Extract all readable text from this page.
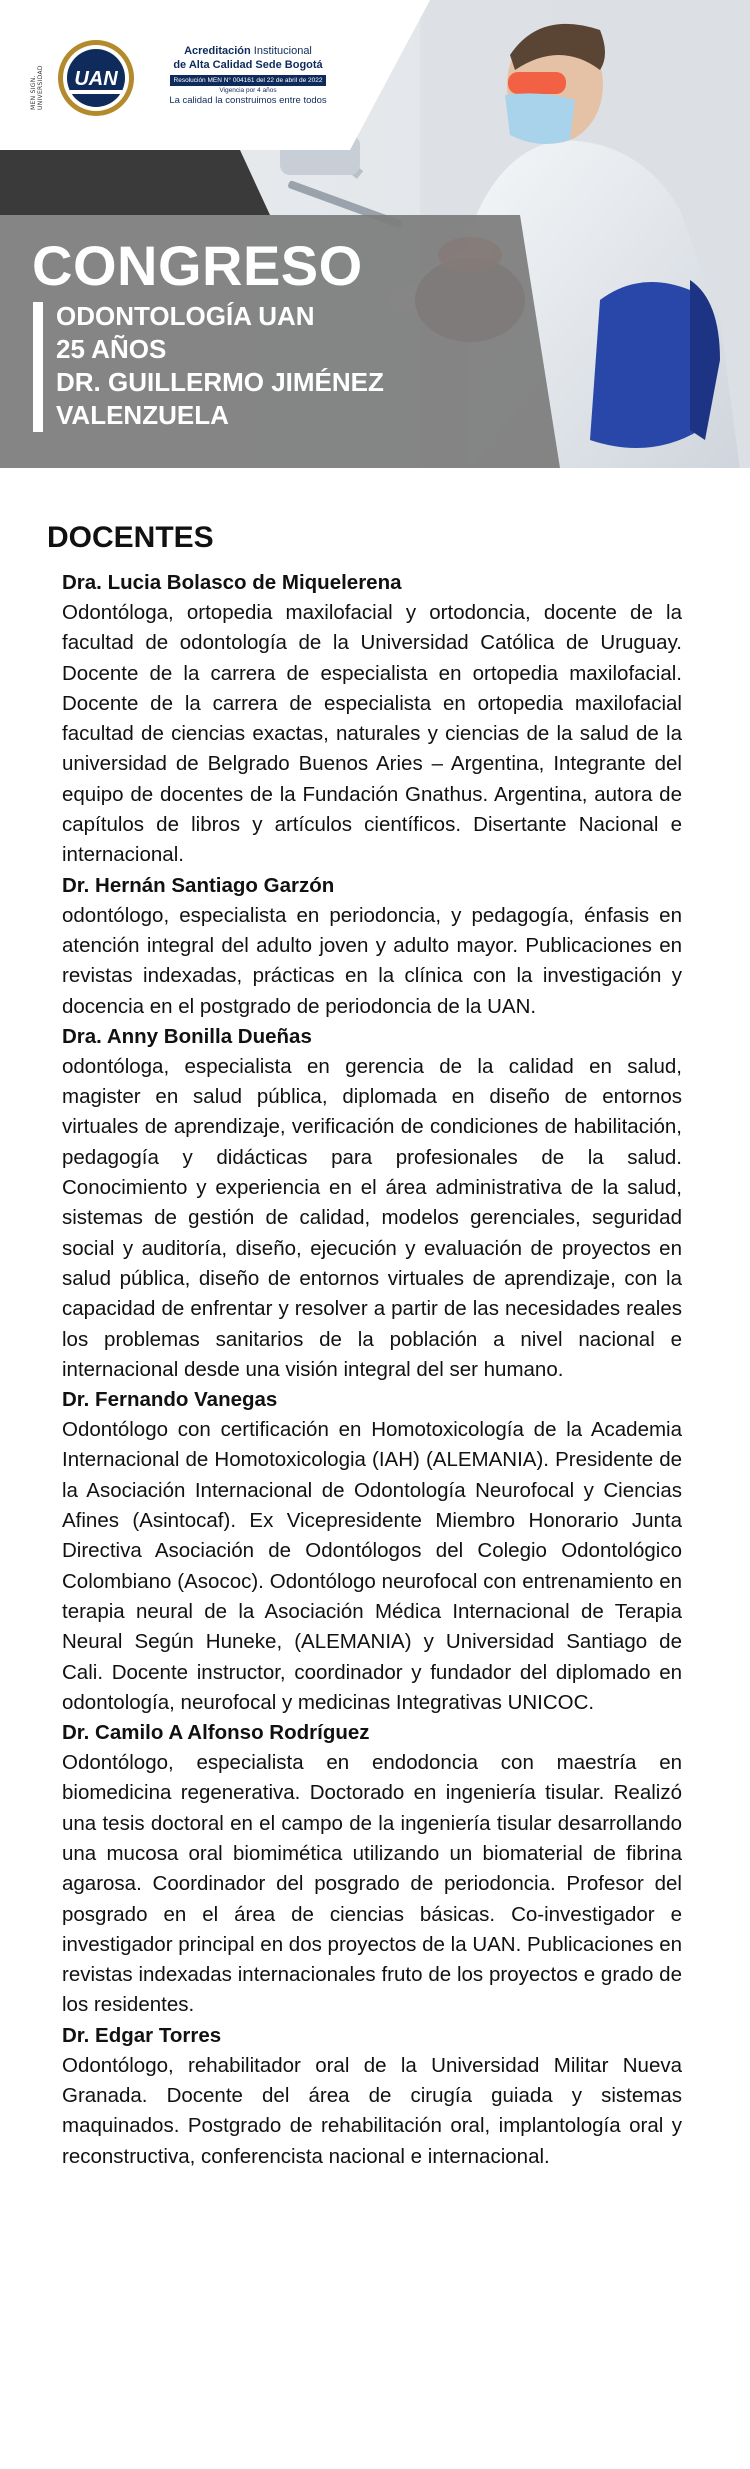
MEN SIGN. UNIVERSIDAD UAN
Acreditación Institucional
de Alta Calidad Sede Bogotá
Resolución MEN N° 004161 del 22 de abril de 2022
Vigencia por 4 años
La calidad la construimos entre todos
CONGRESO
ODONTOLOGÍA UAN
25 AÑOS
DR. GUILLERMO JIMÉNEZ
VALENZUELA
DOCENTES
Dra. Lucia Bolasco de Miquelerena

Odontóloga, ortopedia maxilofacial y ortodoncia, docente de la facultad de odontología de la Universidad Católica de Uruguay. Docente de la carrera de especialista en ortopedia maxilofacial. Docente de la carrera de especialista en ortopedia maxilofacial facultad de ciencias exactas, naturales y ciencias de la salud de la universidad de Belgrado Buenos Aries – Argentina, Integrante del equipo de docentes de la Fundación Gnathus. Argentina, autora de capítulos de libros y artículos científicos. Disertante Nacional e internacional.

Dr. Hernán Santiago Garzón

odontólogo, especialista en periodoncia, y pedagogía, énfasis en atención integral del adulto joven y adulto mayor. Publicaciones en revistas indexadas, prácticas en la clínica con la investigación y docencia en el postgrado de periodoncia de la UAN.

Dra. Anny Bonilla Dueñas

odontóloga, especialista en gerencia de la calidad en salud, magister en salud pública, diplomada en diseño de entornos virtuales de aprendizaje, verificación de condiciones de habilitación, pedagogía y didácticas para profesionales de la salud. Conocimiento y experiencia en el área administrativa de la salud, sistemas de gestión de calidad, modelos gerenciales, seguridad social y auditoría, diseño, ejecución y evaluación de proyectos en salud pública, diseño de entornos virtuales de aprendizaje, con la capacidad de enfrentar y resolver a partir de las necesidades reales los problemas sanitarios de la población a nivel nacional e internacional desde una visión integral del ser humano.

Dr. Fernando Vanegas

Odontólogo con certificación en Homotoxicología de la Academia Internacional de Homotoxicologia (IAH) (ALEMANIA). Presidente de la Asociación Internacional de Odontología Neurofocal y Ciencias Afines (Asintocaf). Ex Vicepresidente Miembro Honorario Junta Directiva Asociación de Odontólogos del Colegio Odontológico Colombiano (Asococ). Odontólogo neurofocal con entrenamiento en terapia neural de la Asociación Médica Internacional de Terapia Neural Según Huneke, (ALEMANIA) y Universidad Santiago de Cali. Docente instructor, coordinador y fundador del diplomado en odontología, neurofocal y medicinas Integrativas UNICOC.

Dr. Camilo A Alfonso Rodríguez

Odontólogo, especialista en endodoncia con maestría en biomedicina regenerativa. Doctorado en ingeniería tisular. Realizó una tesis doctoral en el campo de la ingeniería tisular desarrollando una mucosa oral biomimética utilizando un biomaterial de fibrina agarosa. Coordinador del posgrado de periodoncia. Profesor del posgrado en el área de ciencias básicas. Co-investigador e investigador principal en dos proyectos de la UAN. Publicaciones en revistas indexadas internacionales fruto de los proyectos e grado de los residentes.

Dr. Edgar Torres

Odontólogo, rehabilitador oral de la Universidad Militar Nueva Granada. Docente del área de cirugía guiada y sistemas maquinados. Postgrado de rehabilitación oral, implantología oral y reconstructiva, conferencista nacional e internacional.
